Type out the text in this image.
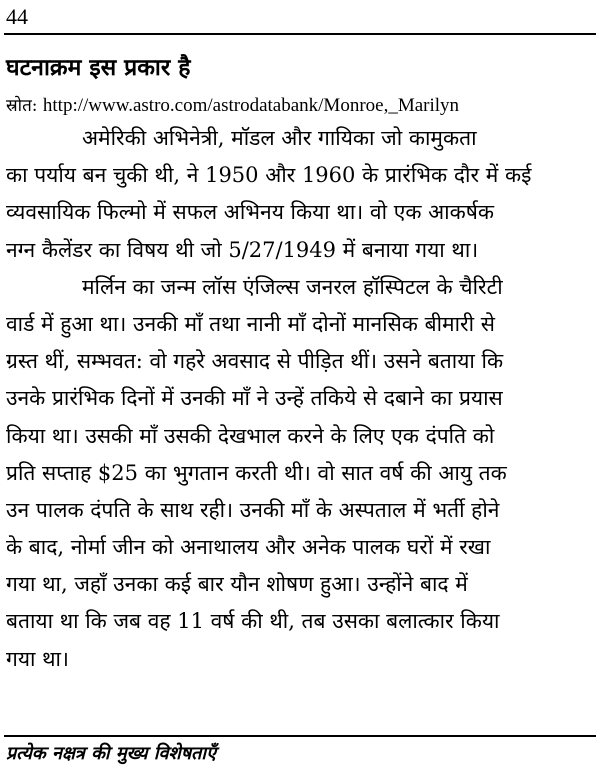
44
घटनाक्रम इस प्रकार है
स्रोत: http://www.astro.com/astrodatabank/Monroe,_Marilyn
अमेरिकी अभिनेत्री, मॉडल और गायिका जो कामुकता
का पर्याय बन चुकी थी, ने 1950 और 1960 के प्रारंभिक दौर में कई
व्यवसायिक फिल्मो में सफल अभिनय किया था। वो एक आकर्षक
नग्न कैलेंडर का विषय थी जो 5/27/1949 में बनाया गया था।
मर्लिन का जन्म लॉस एंजिल्स जनरल हॉस्पिटल के चैरिटी
वार्ड में हुआ था। उनकी माँ तथा नानी माँ दोनों मानसिक बीमारी से
ग्रस्त थीं, सम्भवत: वो गहरे अवसाद से पीड़ित थीं। उसने बताया कि
उनके प्रारंभिक दिनों में उनकी माँ ने उन्हें तकिये से दबाने का प्रयास
किया था। उसकी माँ उसकी देखभाल करने के लिए एक दंपति को
प्रति सप्ताह $25 का भुगतान करती थी। वो सात वर्ष की आयु तक
उन पालक दंपति के साथ रही। उनकी माँ के अस्पताल में भर्ती होने
के बाद, नोर्मा जीन को अनाथालय और अनेक पालक घरों में रखा
गया था, जहाँ उनका कई बार यौन शोषण हुआ। उन्होंने बाद में
बताया था कि जब वह 11 वर्ष की थी, तब उसका बलात्कार किया
गया था।
प्रत्येक नक्षत्र की मुख्य विशेषताएँ
